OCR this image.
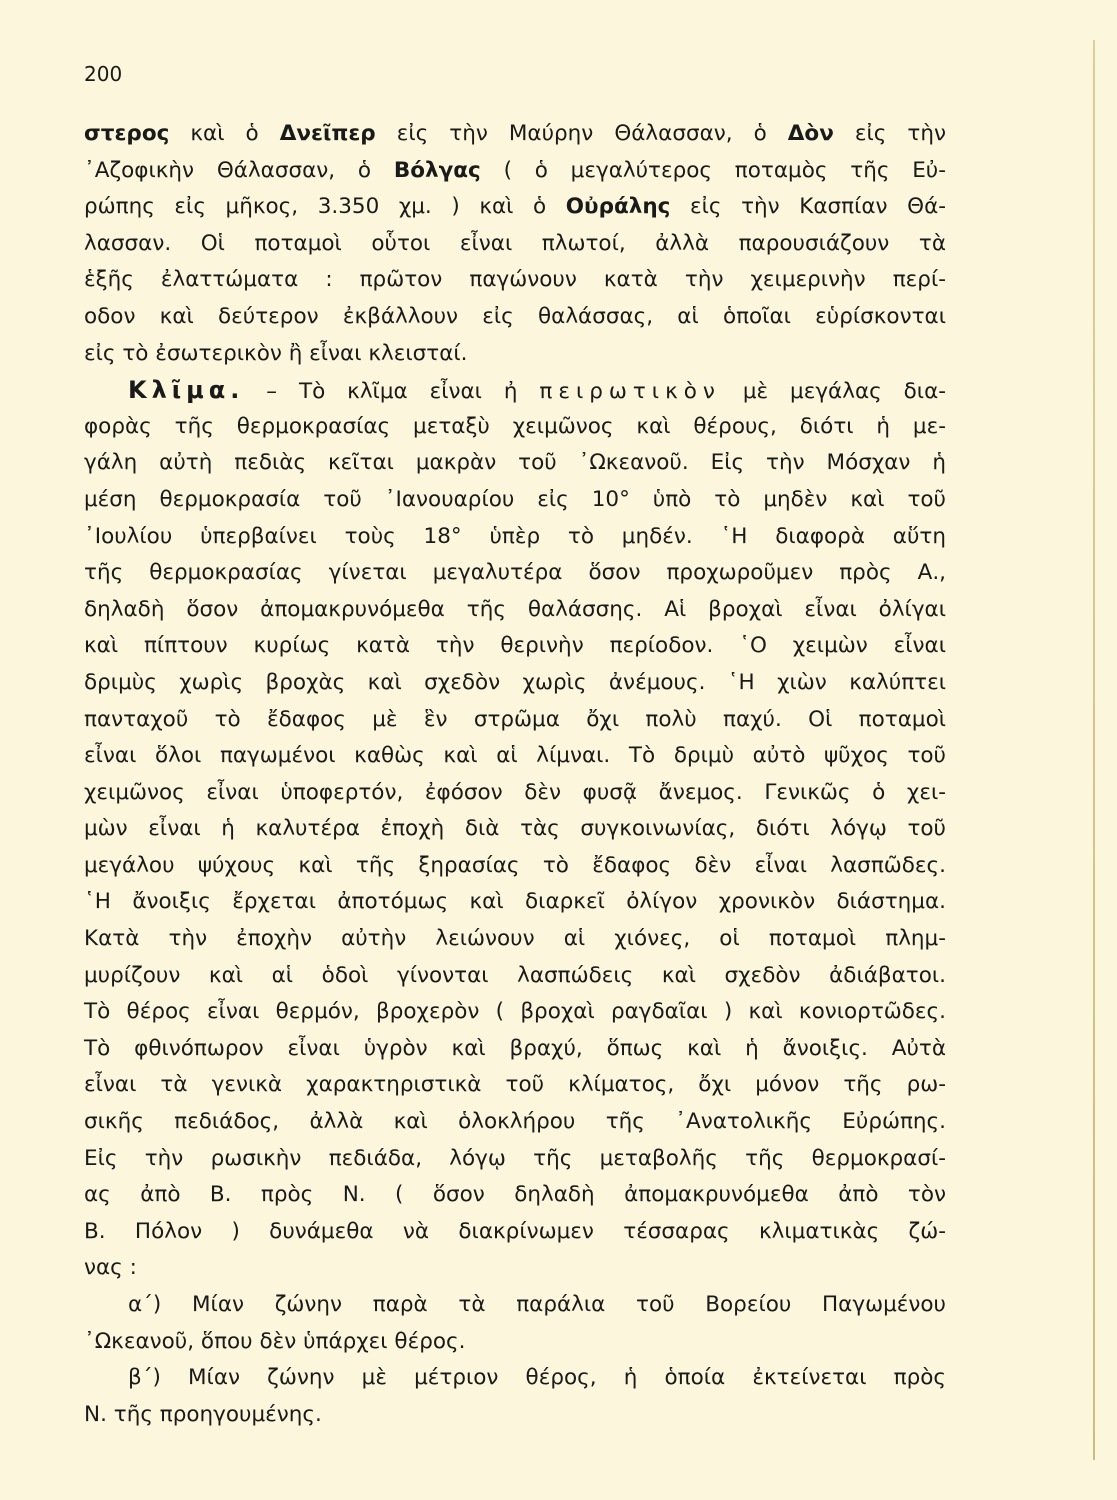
200
στερος καὶ ὁ Δνεῖπερ εἰς τὴν Μαύρην Θάλασσαν, ὁ Δὸν εἰς τὴν
᾿Αζοφικὴν Θάλασσαν, ὁ Βόλγας ( ὁ μεγαλύτερος ποταμὸς τῆς Εὐ-
ρώπης εἰς μῆκος, 3.350 χμ. ) καὶ ὁ Οὐράλης εἰς τὴν Κασπίαν Θά-
λασσαν. Οἱ ποταμοὶ οὗτοι εἶναι πλωτοί, ἀλλὰ παρουσιάζουν τὰ
ἑξῆς ἐλαττώματα : πρῶτον παγώνουν κατὰ τὴν χειμερινὴν περί-
οδον καὶ δεύτερον ἐκβάλλουν εἰς θαλάσσας, αἱ ὁποῖαι εὑρίσκονται
εἰς τὸ ἐσωτερικὸν ἢ εἶναι κλεισταί.
Κλῖμα. – Τὸ κλῖμα εἶναι ἠ πειρωτικὸν μὲ μεγάλας δια-
φορὰς τῆς θερμοκρασίας μεταξὺ χειμῶνος καὶ θέρους, διότι ἡ με-
γάλη αὐτὴ πεδιὰς κεῖται μακρὰν τοῦ ᾿Ωκεανοῦ. Εἰς τὴν Μόσχαν ἡ
μέση θερμοκρασία τοῦ ᾿Ιανουαρίου εἰς 10° ὑπὸ τὸ μηδὲν καὶ τοῦ
᾿Ιουλίου ὑπερβαίνει τοὺς 18° ὑπὲρ τὸ μηδέν. ῾Η διαφορὰ αὕτη
τῆς θερμοκρασίας γίνεται μεγαλυτέρα ὅσον προχωροῦμεν πρὸς Α.,
δηλαδὴ ὅσον ἀπομακρυνόμεθα τῆς θαλάσσης. Αἱ βροχαὶ εἶναι ὀλίγαι
καὶ πίπτουν κυρίως κατὰ τὴν θερινὴν περίοδον. ῾Ο χειμὼν εἶναι
δριμὺς χωρὶς βροχὰς καὶ σχεδὸν χωρὶς ἀνέμους. ῾Η χιὼν καλύπτει
πανταχοῦ τὸ ἔδαφος μὲ ἓν στρῶμα ὄχι πολὺ παχύ. Οἱ ποταμοὶ
εἶναι ὅλοι παγωμένοι καθὼς καὶ αἱ λίμναι. Τὸ δριμὺ αὐτὸ ψῦχος τοῦ
χειμῶνος εἶναι ὑποφερτόν, ἐφόσον δὲν φυσᾷ ἄνεμος. Γενικῶς ὁ χει-
μὼν εἶναι ἡ καλυτέρα ἐποχὴ διὰ τὰς συγκοινωνίας, διότι λόγῳ τοῦ
μεγάλου ψύχους καὶ τῆς ξηρασίας τὸ ἔδαφος δὲν εἶναι λασπῶδες.
῾Η ἄνοιξις ἔρχεται ἀποτόμως καὶ διαρκεῖ ὀλίγον χρονικὸν διάστημα.
Κατὰ τὴν ἐποχὴν αὐτὴν λειώνουν αἱ χιόνες, οἱ ποταμοὶ πλημ-
μυρίζουν καὶ αἱ ὁδοὶ γίνονται λασπώδεις καὶ σχεδὸν ἀδιάβατοι.
Τὸ θέρος εἶναι θερμόν, βροχερὸν ( βροχαὶ ραγδαῖαι ) καὶ κονιορτῶδες.
Τὸ φθινόπωρον εἶναι ὑγρὸν καὶ βραχύ, ὅπως καὶ ἡ ἄνοιξις. Αὐτὰ
εἶναι τὰ γενικὰ χαρακτηριστικὰ τοῦ κλίματος, ὄχι μόνον τῆς ρω-
σικῆς πεδιάδος, ἀλλὰ καὶ ὁλοκλήρου τῆς ᾿Ανατολικῆς Εὐρώπης.
Εἰς τὴν ρωσικὴν πεδιάδα, λόγῳ τῆς μεταβολῆς τῆς θερμοκρασί-
ας ἀπὸ Β. πρὸς Ν. ( ὅσον δηλαδὴ ἀπομακρυνόμεθα ἀπὸ τὸν
Β. Πόλον ) δυνάμεθα νὰ διακρίνωμεν τέσσαρας κλιματικὰς ζώ-
νας :
α΄) Μίαν ζώνην παρὰ τὰ παράλια τοῦ Βορείου Παγωμένου
᾿Ωκεανοῦ, ὅπου δὲν ὑπάρχει θέρος.
β΄) Μίαν ζώνην μὲ μέτριον θέρος, ἡ ὁποία ἐκτείνεται πρὸς
Ν. τῆς προηγουμένης.
